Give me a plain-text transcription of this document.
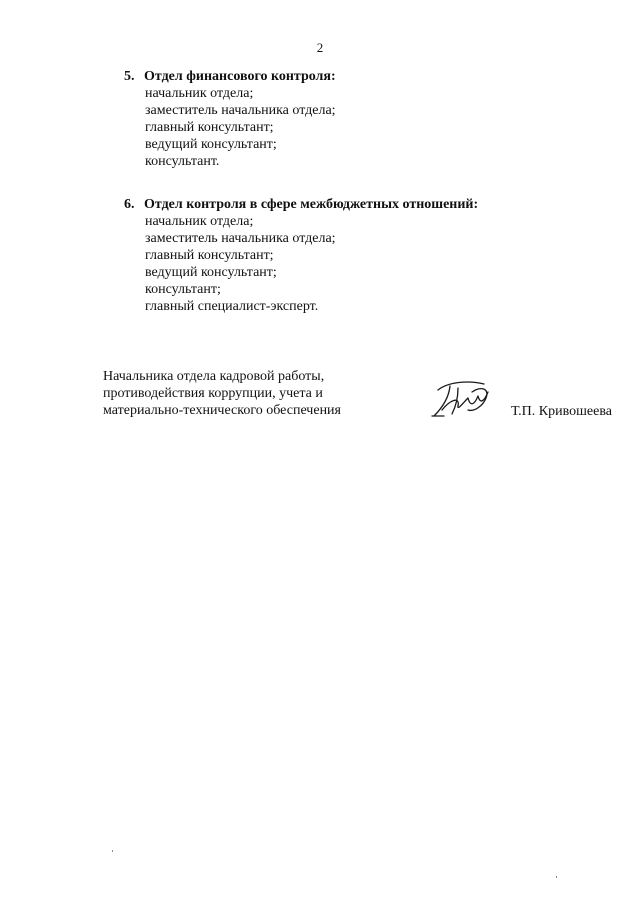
2
5. Отдел финансового контроля:
начальник отдела;
заместитель начальника отдела;
главный консультант;
ведущий консультант;
консультант.
6. Отдел контроля в сфере межбюджетных отношений:
начальник отдела;
заместитель начальника отдела;
главный консультант;
ведущий консультант;
консультант;
главный специалист-эксперт.
Начальника отдела кадровой работы,
противодействия коррупции, учета и
материально-технического обеспечения	Т.П. Кривошеева
